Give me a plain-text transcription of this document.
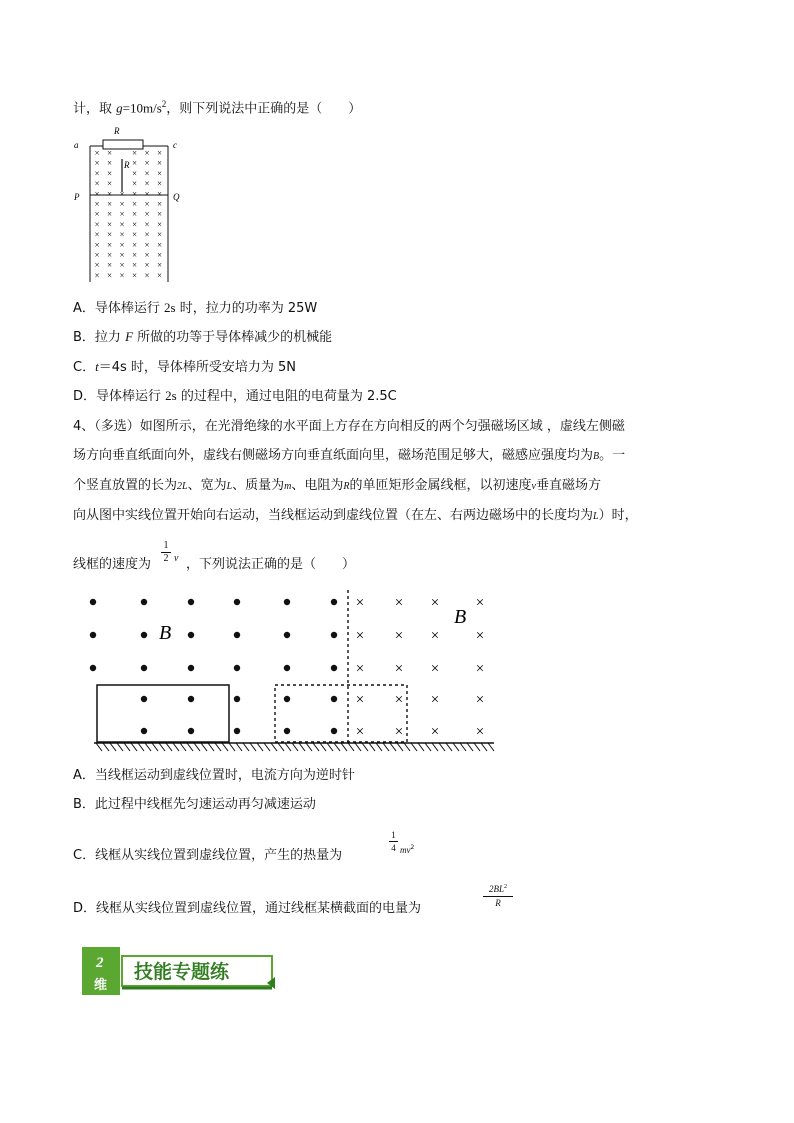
计，取 $g=10m/s^2$，则下列说法中正确的是（　　）
R
a	c
R
P	Q
× × × × ×
× × × × ×
× × × × ×
× × × × ×
× × × × × ×
× × × × × ×
× × × × × ×
× × × × × ×
× × × × × ×
× × × × × ×
× × × × × ×
× × × × × ×
× × × × × ×
A．导体棒运行 2s 时，拉力的功率为 25W
B．拉力 F 所做的功等于导体棒减少的机械能
C．t＝4s 时，导体棒所受安培力为 5N
D．导体棒运行 2s 的过程中，通过电阻的电荷量为 2.5C
4、（多选）如图所示，在光滑绝缘的水平面上方存在方向相反的两个匀强磁场区域 ，虚线左侧磁
场方向垂直纸面向外，虚线右侧磁场方向垂直纸面向里，磁场范围足够大，磁感应强度均为B。一
个竖直放置的长为2L、宽为L、质量为m、电阻为R的单匝矩形金属线框，以初速度v垂直磁场方
向从图中实线位置开始向右运动，当线框运动到虚线位置（在左、右两边磁场中的长度均为L）时，
线框的速度为 $\frac{1}{2}$ v ，下列说法正确的是（　　）
×
×
×
×
×
×
×
×
×
×
×
×
×
×
×
×
×
×
×
×
B
B
A．当线框运动到虚线位置时，电流方向为逆时针
B．此过程中线框先匀速运动再匀减速运动
C．线框从实线位置到虚线位置，产生的热量为
$\frac{1}{4} mv^2$
D．线框从实线位置到虚线位置，通过线框某横截面的电量为	$\frac{2BL^2}{R}$
2
维
技能专题练
